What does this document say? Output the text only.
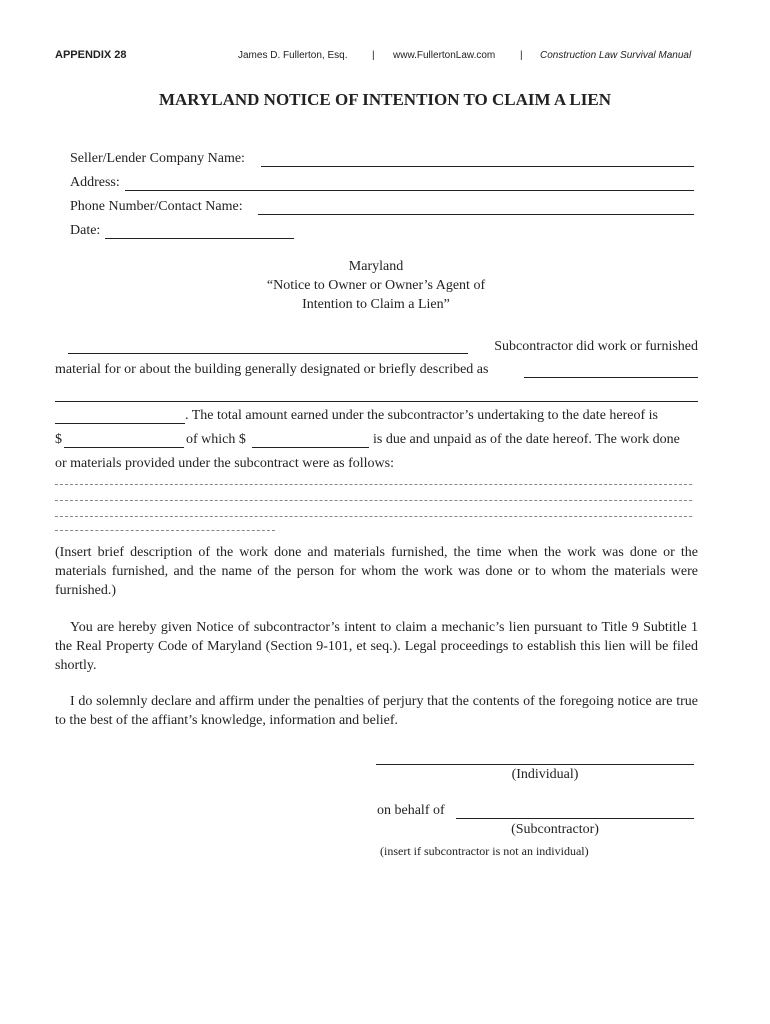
APPENDIX 28	James D. Fullerton, Esq. | www.FullertonLaw.com | Construction Law Survival Manual
MARYLAND NOTICE OF INTENTION TO CLAIM A LIEN
Seller/Lender Company Name:
Address:
Phone Number/Contact Name:
Date:
Maryland
“Notice to Owner or Owner’s Agent of
Intention to Claim a Lien”
Subcontractor did work or furnished
material for or about the building generally designated or briefly described as
. The total amount earned under the subcontractor’s undertaking to the date hereof is
$	of which $	is due and unpaid as of the date hereof. The work done
or materials provided under the subcontract were as follows:
(Insert brief description of the work done and materials furnished, the time when the work was done or the materials furnished, and the name of the person for whom the work was done or to whom the materials were furnished.)
You are hereby given Notice of subcontractor’s intent to claim a mechanic’s lien pursuant to Title 9 Subtitle 1 the Real Property Code of Maryland (Section 9-101, et seq.). Legal proceedings to establish this lien will be filed shortly.
I do solemnly declare and affirm under the penalties of perjury that the contents of the foregoing notice are true to the best of the affiant’s knowledge, information and belief.
(Individual)
on behalf of
(Subcontractor)
(insert if subcontractor is not an individual)
